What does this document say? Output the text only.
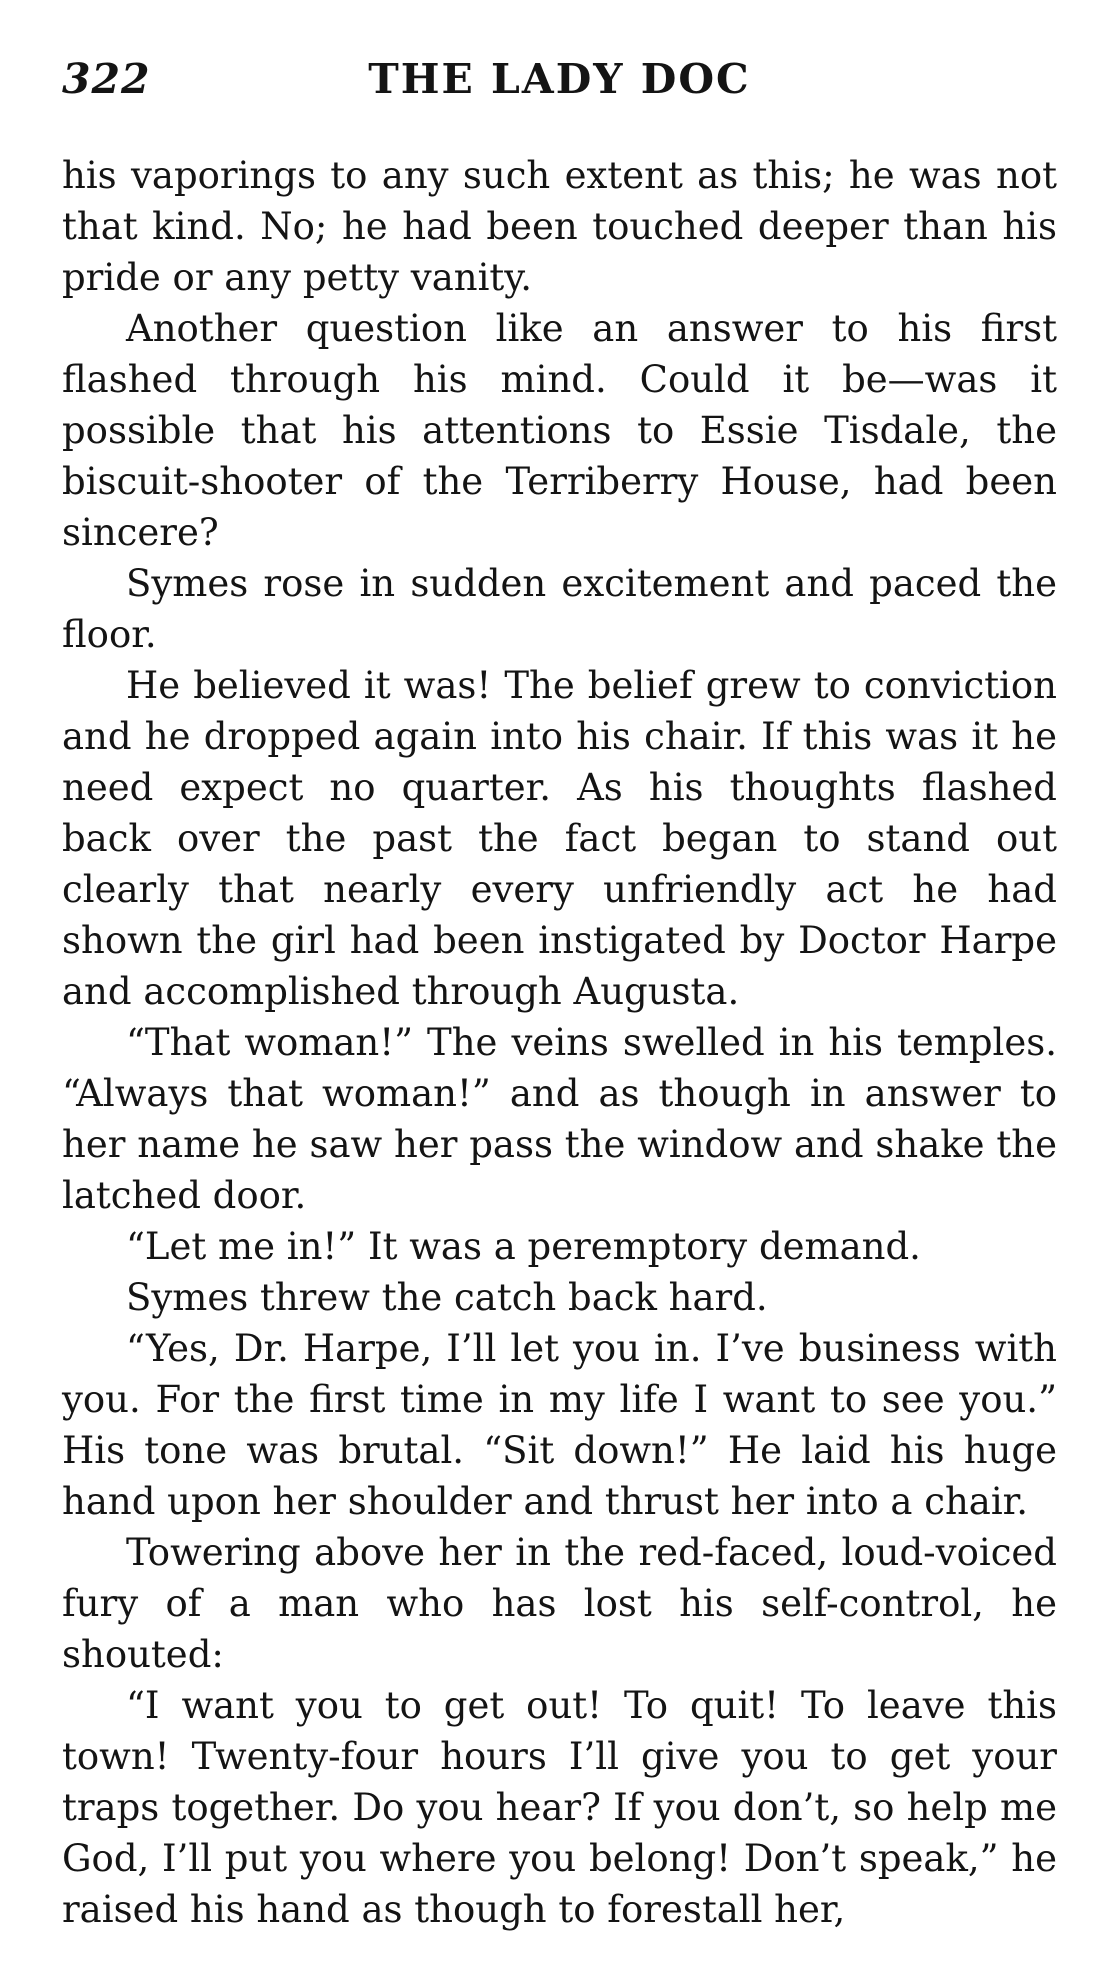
322	THE LADY DOC

his vaporings to any such extent as this; he was not that kind. No; he had been touched deeper than his pride or any petty vanity.

Another question like an answer to his first flashed through his mind. Could it be—was it possible that his attentions to Essie Tisdale, the biscuit-shooter of the Terriberry House, had been sincere?

Symes rose in sudden excitement and paced the floor.

He believed it was! The belief grew to conviction and he dropped again into his chair. If this was it he need expect no quarter. As his thoughts flashed back over the past the fact began to stand out clearly that nearly every unfriendly act he had shown the girl had been instigated by Doctor Harpe and accomplished through Augusta.

“That woman!” The veins swelled in his temples. “Always that woman!” and as though in answer to her name he saw her pass the window and shake the latched door.

“Let me in!” It was a peremptory demand.

Symes threw the catch back hard.

“Yes, Dr. Harpe, I’ll let you in. I’ve business with you. For the first time in my life I want to see you.” His tone was brutal. “Sit down!” He laid his huge hand upon her shoulder and thrust her into a chair.

Towering above her in the red-faced, loud-voiced fury of a man who has lost his self-control, he shouted:

“I want you to get out! To quit! To leave this town! Twenty-four hours I’ll give you to get your traps together. Do you hear? If you don’t, so help me God, I’ll put you where you belong! Don’t speak,” he raised his hand as though to forestall her,
